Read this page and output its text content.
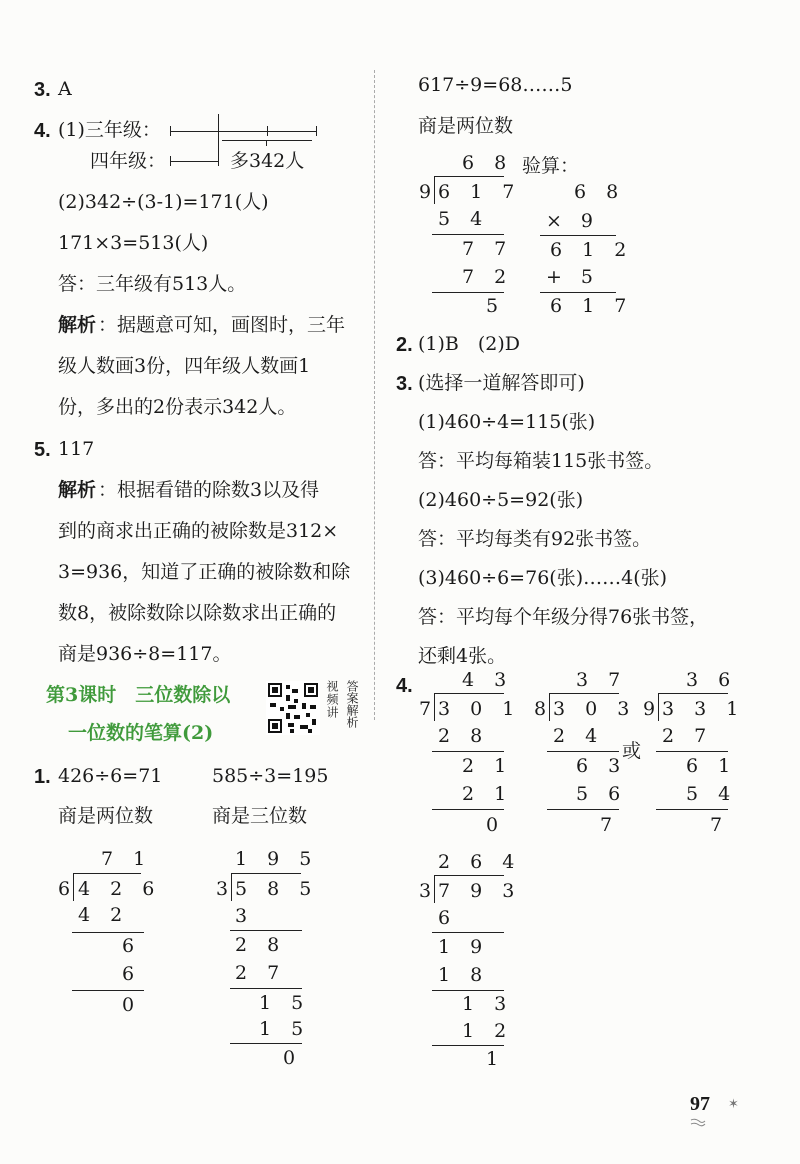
3. A
4. (1)三年级：
四年级：	多342人
(2)342÷(3-1)=171(人)
171×3=513(人)
答：三年级有513人。
解析 ：据题意可知，画图时，三年
级人数画3份，四年级人数画1
份，多出的2份表示342人。
5. 117
解析 ：根据看错的除数3以及得
到的商求出正确的被除数是312×
3=936，知道了正确的被除数和除
数8，被除数除以除数求出正确的
商是936÷8=117。
第3课时　三位数除以
一位数的笔算(2)
视频讲 答案解析
1. 426÷6=71	585÷3=195
商是两位数	商是三位数
7 1
6 4 2 6
4 2
6
6
0
1 9 5
3 5 8 5
3
2 8
2 7
1 5
1 5
0
617÷9=68……5
商是两位数
验算：
6 8
9 6 1 7
5 4
7 7
7 2
5
6 8
×　9
6 1 2
+　5
6 1 7
2. (1)B　(2)D
3. (选择一道解答即可)
(1)460÷4=115(张)
答：平均每箱装115张书签。
(2)460÷5=92(张)
答：平均每类有92张书签。
(3)460÷6=76(张)……4(张)
答：平均每个年级分得76张书签，
还剩4张。
4.	4 3
7 3 0 1
2 8
2 1
2 1
0
3 7
8 3 0 3
2 4
6 3
5 6
7
或
3 6
9 3 3 1
2 7
6 1
5 4
7
2 6 4
3 7 9 3
6
1 9
1 8
1 3
1 2
1
97 ✶
